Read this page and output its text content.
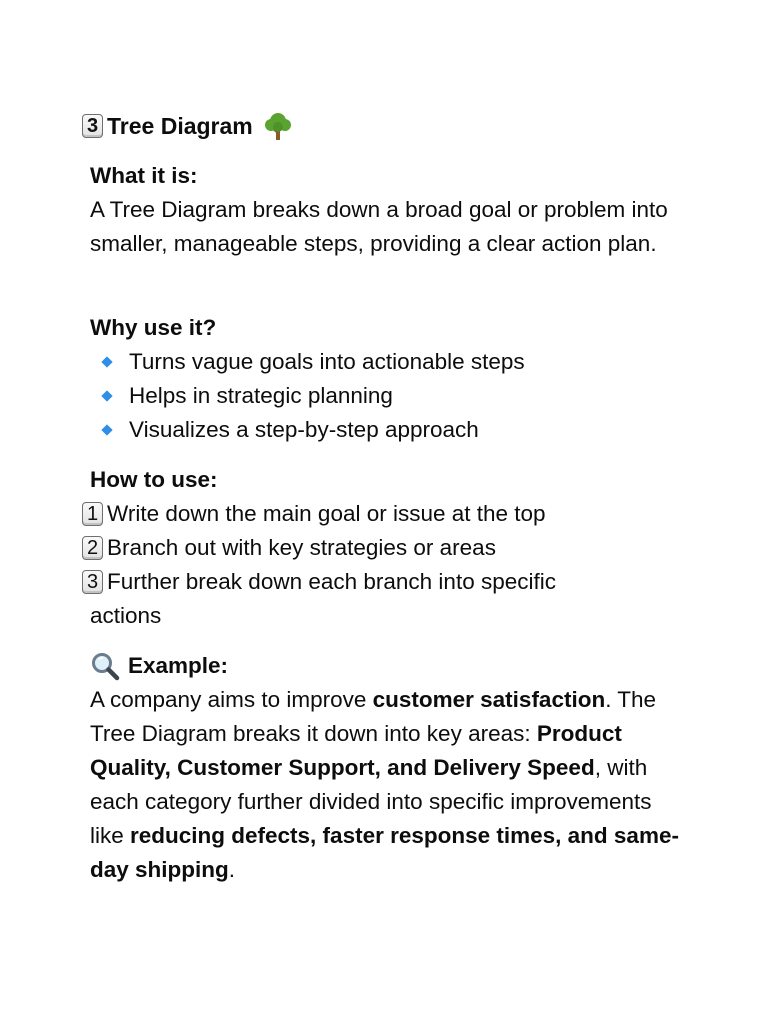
3 Tree Diagram
What it is:
A Tree Diagram breaks down a broad goal or problem into smaller, manageable steps, providing a clear action plan.
Why use it?
Turns vague goals into actionable steps
Helps in strategic planning
Visualizes a step-by-step approach
How to use:
1 Write down the main goal or issue at the top
2 Branch out with key strategies or areas
3 Further break down each branch into specific
actions
Example:
A company aims to improve customer satisfaction. The Tree Diagram breaks it down into key areas: Product Quality, Customer Support, and Delivery Speed, with each category further divided into specific improvements like reducing defects, faster response times, and same-day shipping.
